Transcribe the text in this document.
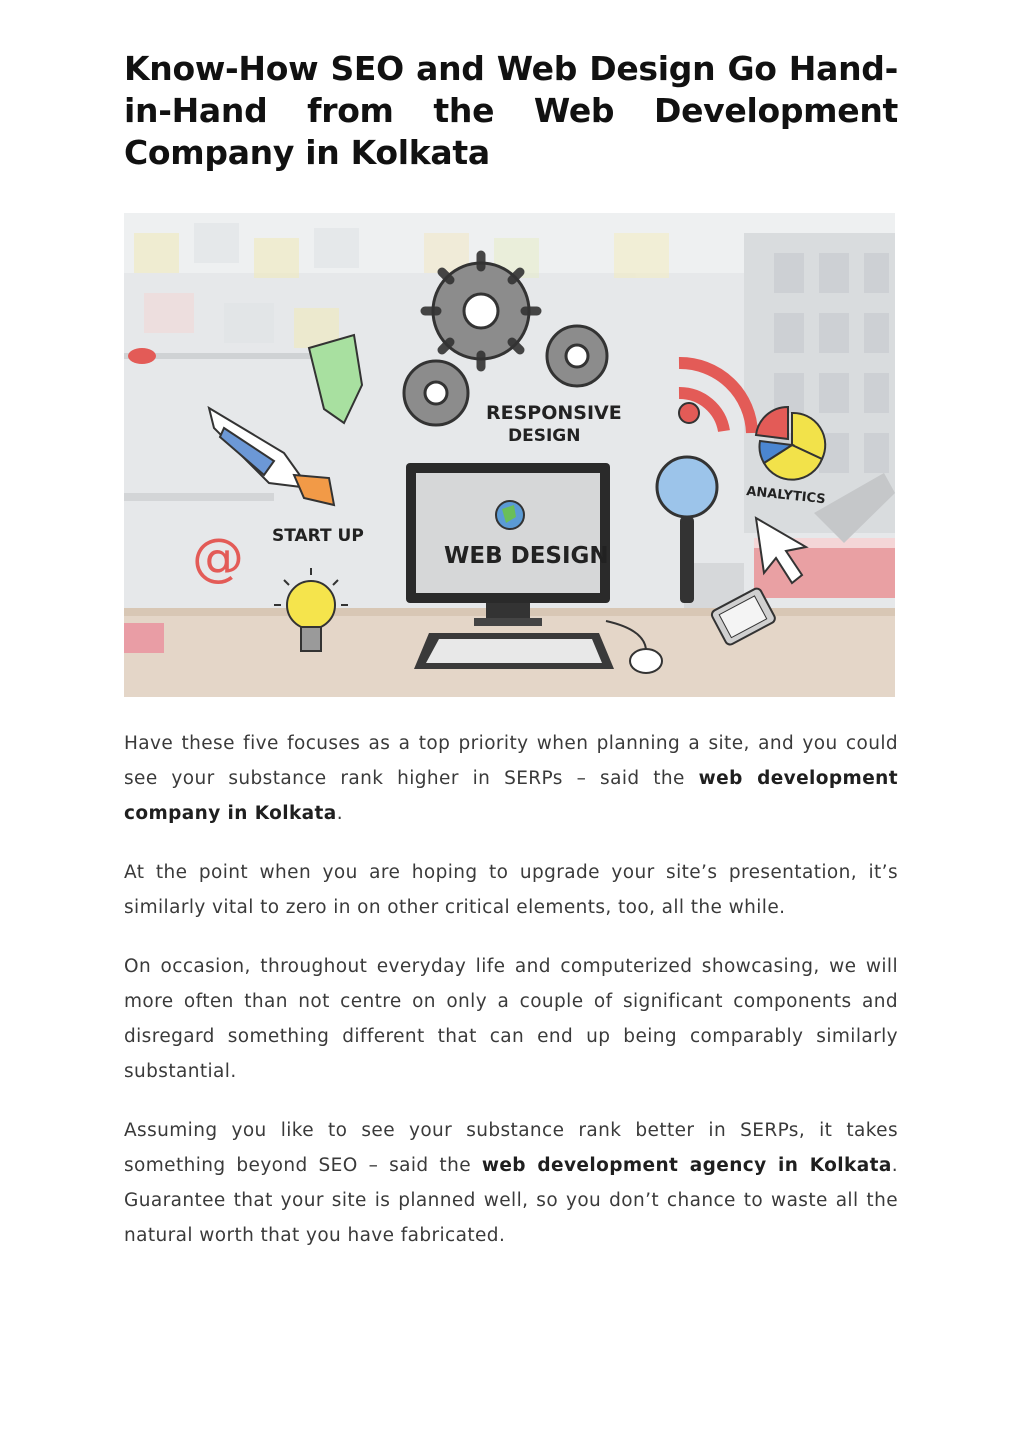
Know-How SEO and Web Design Go Hand-in-Hand from the Web Development Company in Kolkata
RESPONSIVE
DESIGN
ANALYTICS
START UP
@	WEB DESIGN

Have these five focuses as a top priority when planning a site, and you could see your substance rank higher in SERPs – said the web development company in Kolkata.

At the point when you are hoping to upgrade your site’s presentation, it’s similarly vital to zero in on other critical elements, too, all the while.

On occasion, throughout everyday life and computerized showcasing, we will more often than not centre on only a couple of significant components and disregard something different that can end up being comparably similarly substantial.

Assuming you like to see your substance rank better in SERPs, it takes something beyond SEO – said the web development agency in Kolkata. Guarantee that your site is planned well, so you don’t chance to waste all the natural worth that you have fabricated.
